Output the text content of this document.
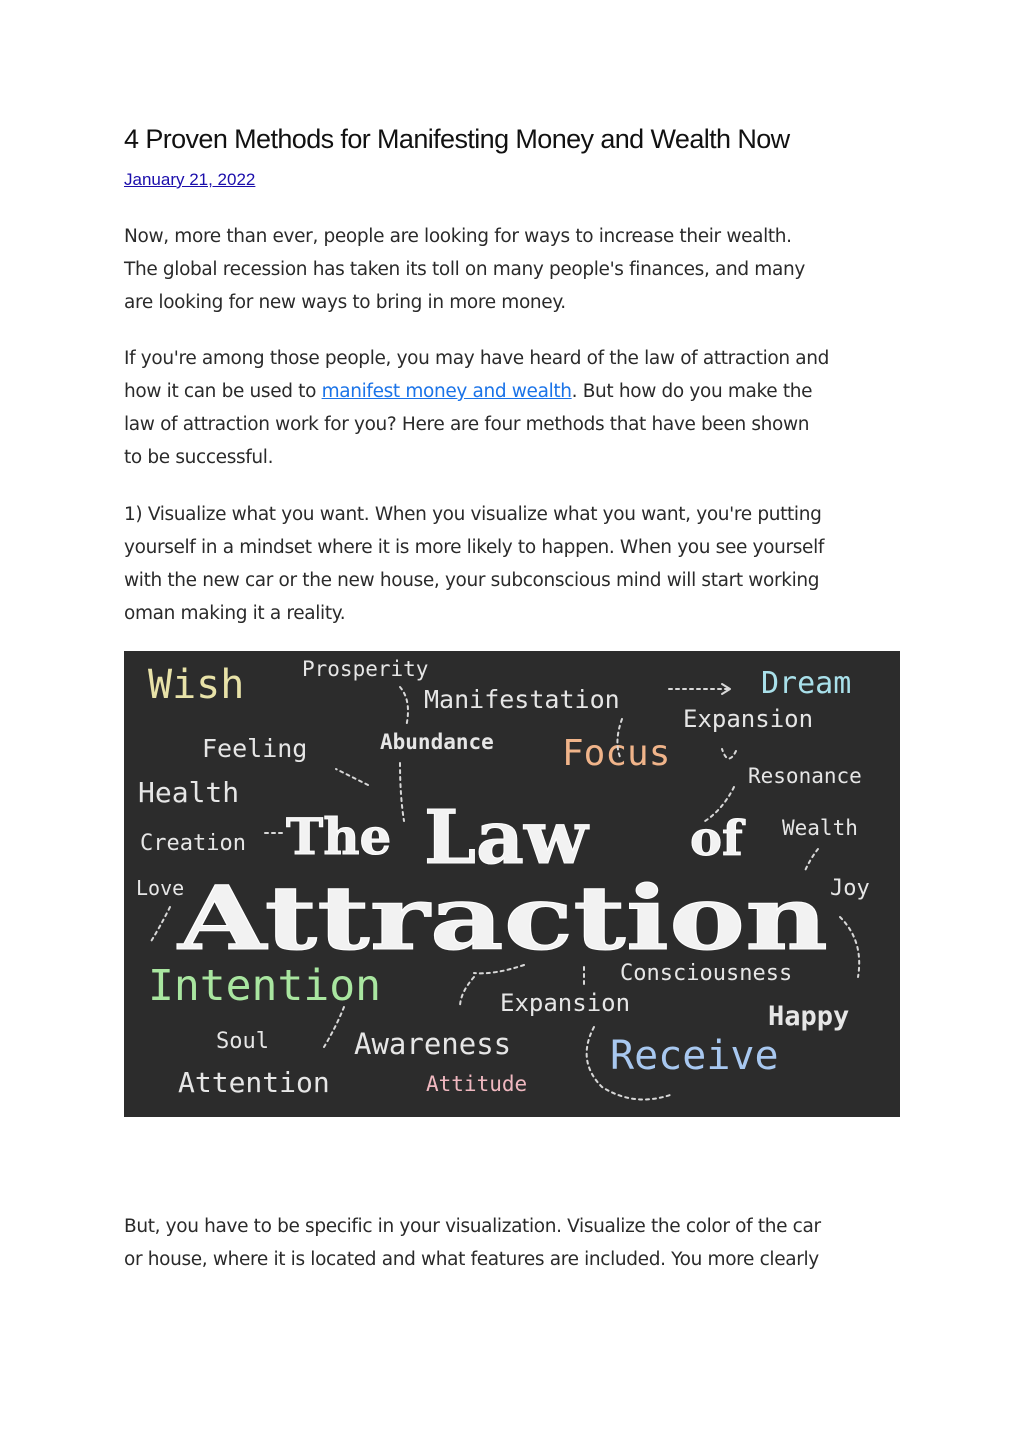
4 Proven Methods for Manifesting Money and Wealth Now
January 21, 2022

Now, more than ever, people are looking for ways to increase their wealth.
The global recession has taken its toll on many people's finances, and many
are looking for new ways to bring in more money.

If you're among those people, you may have heard of the law of attraction and
how it can be used to manifest money and wealth. But how do you make the
law of attraction work for you? Here are four methods that have been shown
to be successful.

1) Visualize what you want. When you visualize what you want, you're putting
yourself in a mindset where it is more likely to happen. When you see yourself
with the new car or the new house, your subconscious mind will start working
oman making it a reality.

Wish	Prosperity
Manifestation	Dream
Expansion
Feeling	Abundance Focus
Resonance
Health
Creation
Wealth
Love	Joy
Intention	Consciousness
Expansion	Happy
Soul	Awareness Receive
Attention	Attitude
The Law of
Attraction

But, you have to be specific in your visualization. Visualize the color of the car
or house, where it is located and what features are included. You more clearly
